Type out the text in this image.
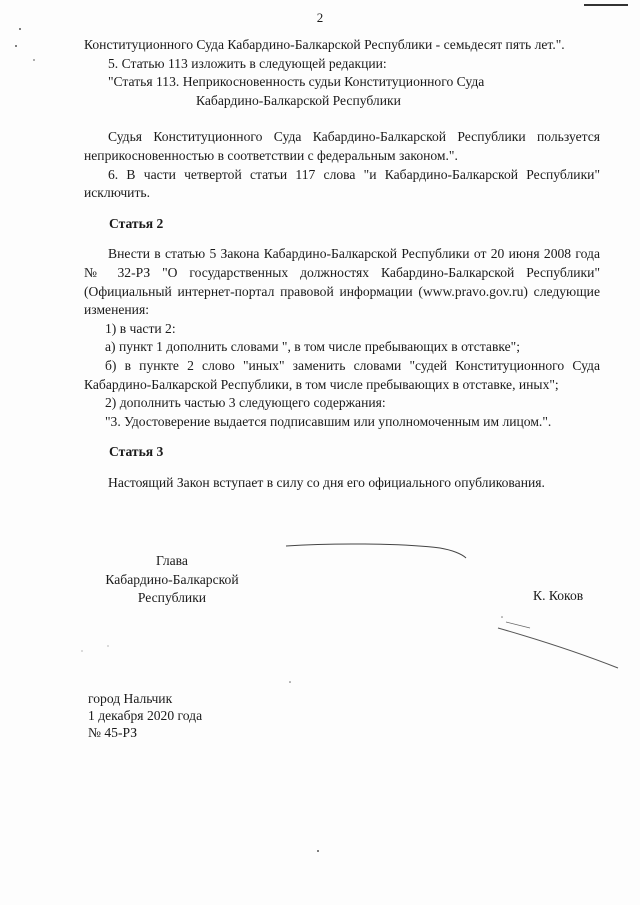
2

Конституционного Суда Кабардино-Балкарской Республики - семьдесят пять лет.".

5. Статью 113 изложить в следующей редакции:

"Статья 113. Неприкосновенность судьи Конституционного Суда

Кабардино-Балкарской Республики

Судья Конституционного Суда Кабардино-Балкарской Республики пользуется неприкосновенностью в соответствии с федеральным законом.".

6. В части четвертой статьи 117 слова "и Кабардино-Балкарской Республики" исключить.

Статья 2

Внести в статью 5 Закона Кабардино-Балкарской Республики от 20 июня 2008 года № 32-РЗ "О государственных должностях Кабардино-Балкарской Республики" (Официальный интернет-портал правовой информации (www.pravo.gov.ru) следующие изменения:

1) в части 2:

а) пункт 1 дополнить словами ", в том числе пребывающих в отставке";

б) в пункте 2 слово "иных" заменить словами "судей Конституционного Суда Кабардино-Балкарской Республики, в том числе пребывающих в отставке, иных";

2) дополнить частью 3 следующего содержания:

"3. Удостоверение выдается подписавшим или уполномоченным им лицом.".

Статья 3

Настоящий Закон вступает в силу со дня его официального опубликования.

Глава
Кабардино-Балкарской
Республики	К. Коков
город Нальчик
1 декабря 2020 года
№ 45-РЗ
